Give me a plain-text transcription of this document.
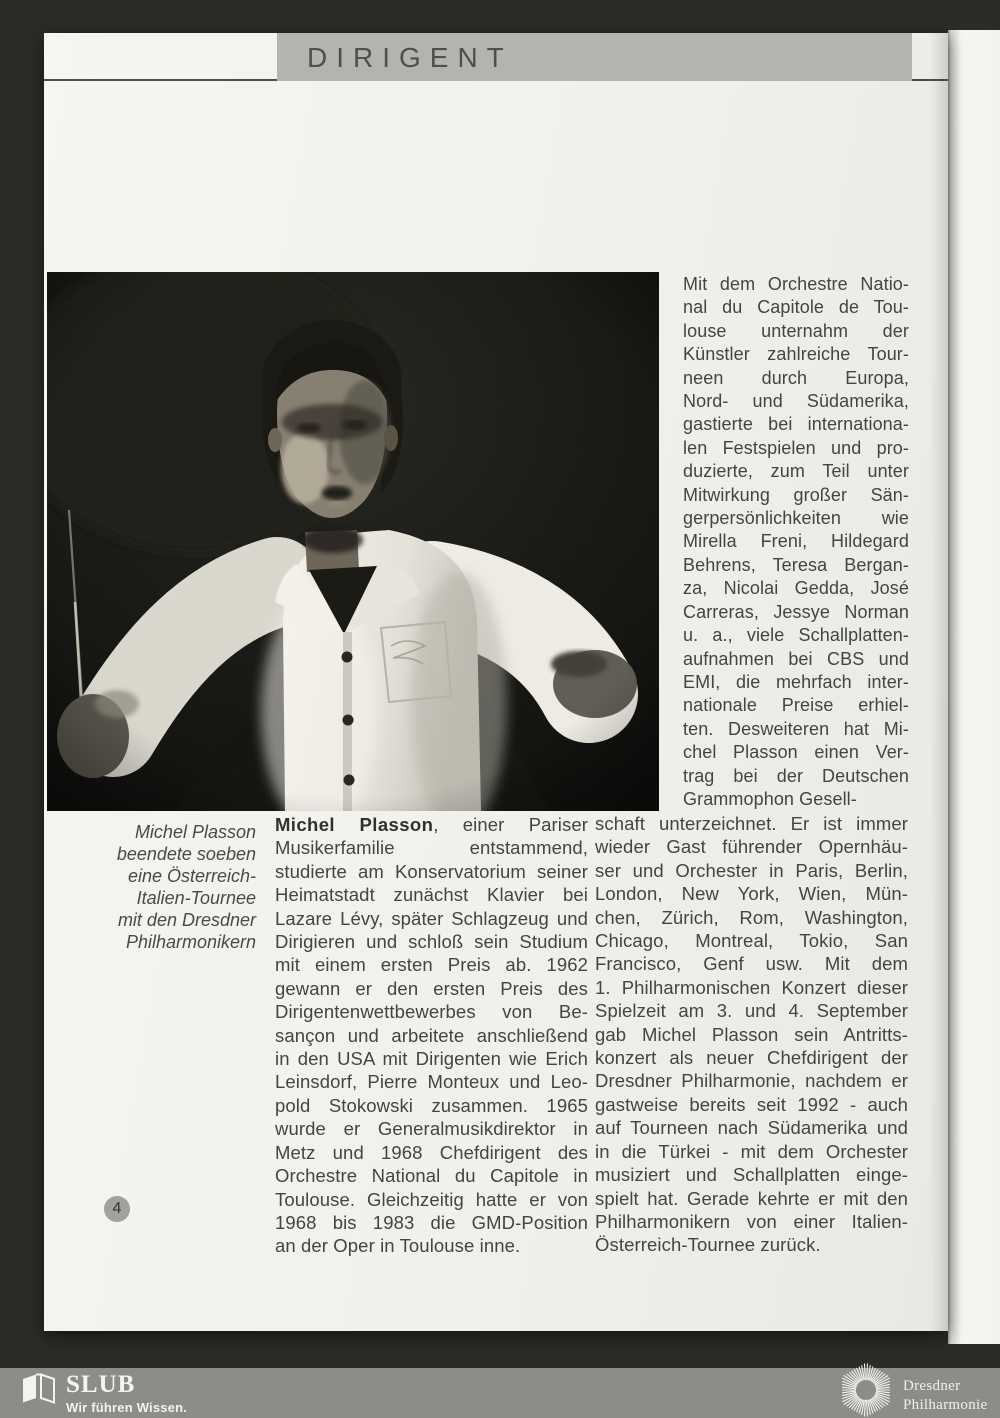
DIRIGENT
Michel Plasson
beendete soeben
eine Österreich-
Italien-Tournee
mit den Dresdner
Philharmonikern
Michel Plasson, einer Pariser
Musikerfamilie entstammend,
studierte am Konservatorium seiner
Heimatstadt zunächst Klavier bei
Lazare Lévy, später Schlagzeug und
Dirigieren und schloß sein Studium
mit einem ersten Preis ab. 1962
gewann er den ersten Preis des
Dirigentenwettbewerbes von Be-
sançon und arbeitete anschließend
in den USA mit Dirigenten wie Erich
Leinsdorf, Pierre Monteux und Leo-
pold Stokowski zusammen. 1965
wurde er Generalmusikdirektor in
Metz und 1968 Chefdirigent des
Orchestre National du Capitole in
Toulouse. Gleichzeitig hatte er von
1968 bis 1983 die GMD-Position
an der Oper in Toulouse inne.
Mit dem Orchestre Natio-
nal du Capitole de Tou-
louse unternahm der
Künstler zahlreiche Tour-
neen durch Europa,
Nord- und Südamerika,
gastierte bei internationa-
len Festspielen und pro-
duzierte, zum Teil unter
Mitwirkung großer Sän-
gerpersönlichkeiten wie
Mirella Freni, Hildegard
Behrens, Teresa Bergan-
za, Nicolai Gedda, José
Carreras, Jessye Norman
u. a., viele Schallplatten-
aufnahmen bei CBS und
EMI, die mehrfach inter-
nationale Preise erhiel-
ten. Desweiteren hat Mi-
chel Plasson einen Ver-
trag bei der Deutschen
Grammophon Gesell-
schaft unterzeichnet. Er ist immer
wieder Gast führender Opernhäu-
ser und Orchester in Paris, Berlin,
London, New York, Wien, Mün-
chen, Zürich, Rom, Washington,
Chicago, Montreal, Tokio, San
Francisco, Genf usw. Mit dem
1. Philharmonischen Konzert dieser
Spielzeit am 3. und 4. September
gab Michel Plasson sein Antritts-
konzert als neuer Chefdirigent der
Dresdner Philharmonie, nachdem er
gastweise bereits seit 1992 - auch
auf Tourneen nach Südamerika und
in die Türkei - mit dem Orchester
musiziert und Schallplatten einge-
spielt hat. Gerade kehrte er mit den
Philharmonikern von einer Italien-
Österreich-Tournee zurück.
4
SLUB
Wir führen Wissen.
Dresdner
Philharmonie
